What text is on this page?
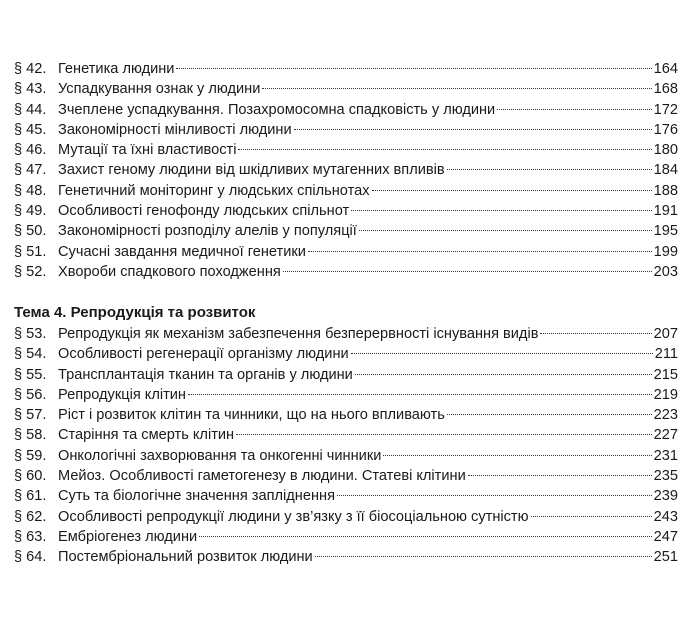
§ 42. Генетика людини	164
§ 43. Успадкування ознак у людини	168
§ 44. Зчеплене успадкування. Позахромосомна спадковість у людини	172
§ 45. Закономірності мінливості людини	176
§ 46. Мутації та їхні властивості	180
§ 47. Захист геному людини від шкідливих мутагенних впливів	184
§ 48. Генетичний моніторинг у людських спільнотах	188
§ 49. Особливості генофонду людських спільнот	191
§ 50. Закономірності розподілу алелів у популяції	195
§ 51. Сучасні завдання медичної генетики	199
§ 52. Хвороби спадкового походження	203
Тема 4. Репродукція та розвиток
§ 53. Репродукція як механізм забезпечення безперервності існування видів	207
§ 54. Особливості регенерації організму людини	211
§ 55. Трансплантація тканин та органів у людини	215
§ 56. Репродукція клітин	219
§ 57. Ріст і розвиток клітин та чинники, що на нього впливають	223
§ 58. Старіння та смерть клітин	227
§ 59. Онкологічні захворювання та онкогенні чинники	231
§ 60. Мейоз. Особливості гаметогенезу в людини. Статеві клітини	235
§ 61. Суть та біологічне значення запліднення	239
§ 62. Особливості репродукції людини у зв’язку з її біосоціальною сутністю	243
§ 63. Ембріогенез людини	247
§ 64. Постембріональний розвиток людини	251
